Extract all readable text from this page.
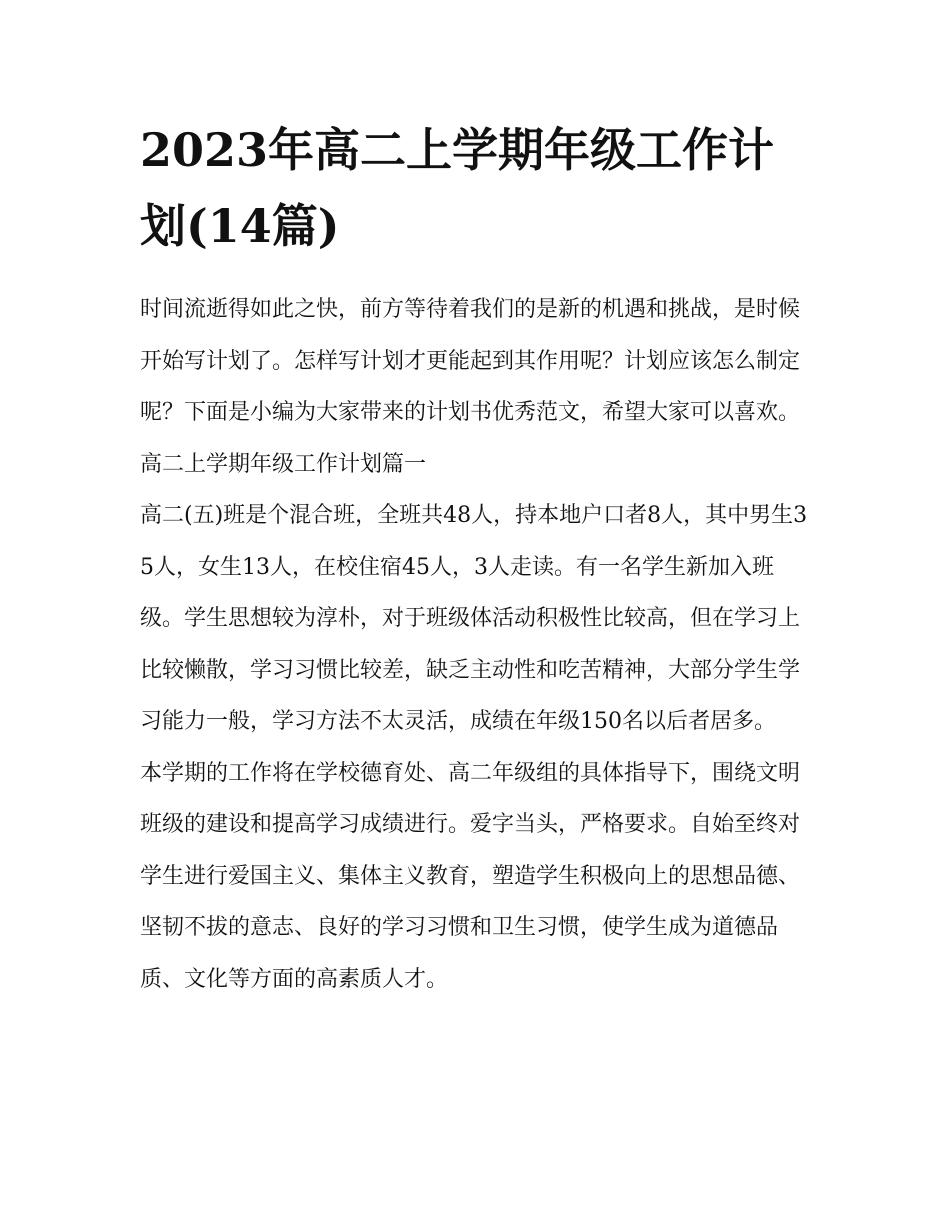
2023年高二上学期年级工作计划(14篇)

时间流逝得如此之快，前方等待着我们的是新的机遇和挑战，是时候开始写计划了。怎样写计划才更能起到其作用呢？计划应该怎么制定呢？下面是小编为大家带来的计划书优秀范文，希望大家可以喜欢。

高二上学期年级工作计划篇一

高二(五)班是个混合班，全班共48人，持本地户口者8人，其中男生35人，女生13人，在校住宿45人，3人走读。有一名学生新加入班级。学生思想较为淳朴，对于班级体活动积极性比较高，但在学习上比较懒散，学习习惯比较差，缺乏主动性和吃苦精神，大部分学生学习能力一般，学习方法不太灵活，成绩在年级150名以后者居多。

本学期的工作将在学校德育处、高二年级组的具体指导下，围绕文明班级的建设和提高学习成绩进行。爱字当头，严格要求。自始至终对学生进行爱国主义、集体主义教育，塑造学生积极向上的思想品德、坚韧不拔的意志、良好的学习习惯和卫生习惯，使学生成为道德品质、文化等方面的高素质人才。
